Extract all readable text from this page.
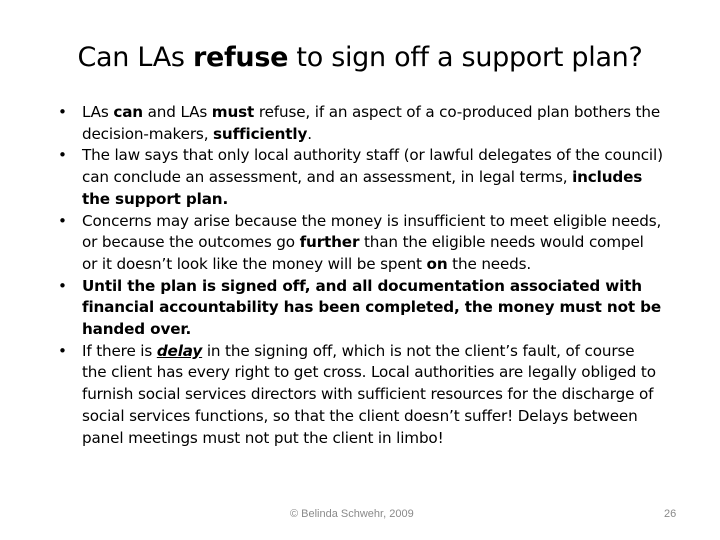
Can LAs refuse to sign off a support plan?
• LAs can and LAs must refuse, if an aspect of a co-produced plan bothers the decision-makers, sufficiently.
• The law says that only local authority staff (or lawful delegates of the council) can conclude an assessment, and an assessment, in legal terms, includes the support plan.
• Concerns may arise because the money is insufficient to meet eligible needs, or because the outcomes go further than the eligible needs would compel or it doesn’t look like the money will be spent on the needs.
• Until the plan is signed off, and all documentation associated with financial accountability has been completed, the money must not be handed over.
• If there is delay in the signing off, which is not the client’s fault, of course the client has every right to get cross. Local authorities are legally obliged to furnish social services directors with sufficient resources for the discharge of social services functions, so that the client doesn’t suffer! Delays between panel meetings must not put the client in limbo!
© Belinda Schwehr, 2009	26
